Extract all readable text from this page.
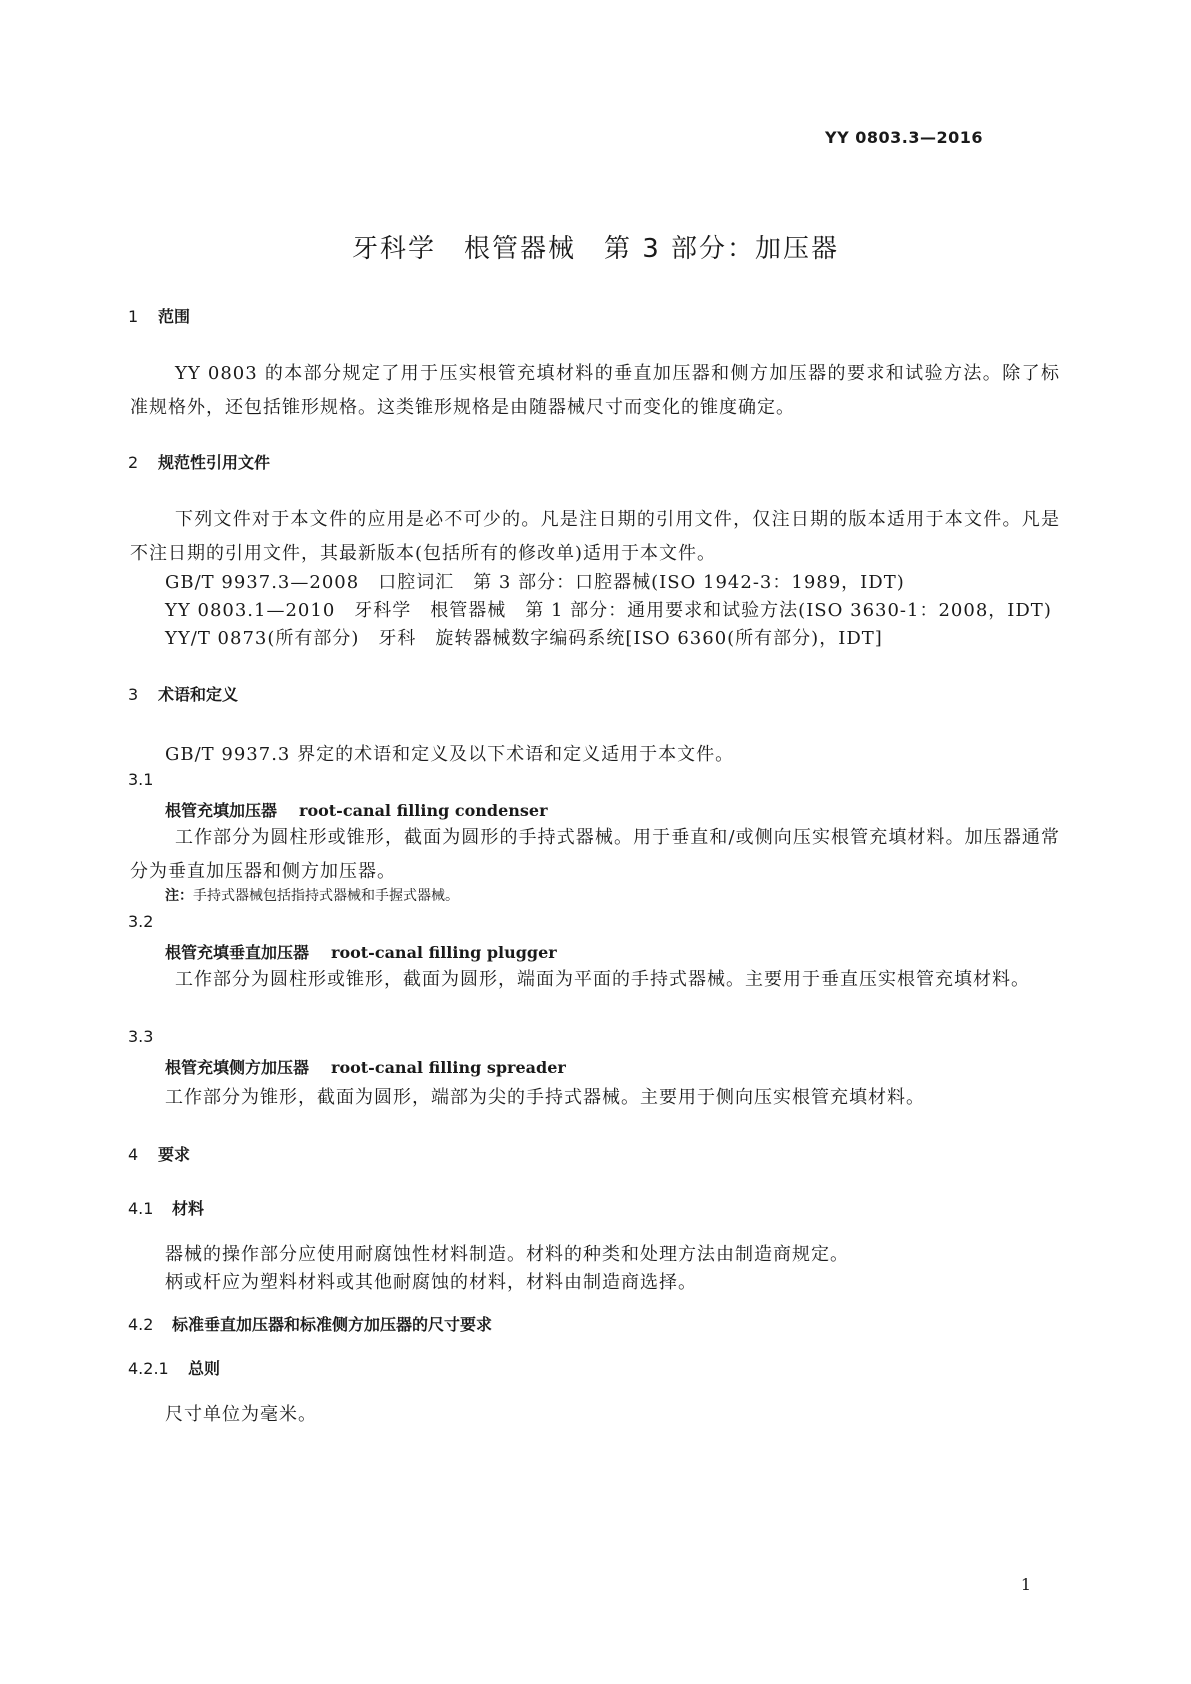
YY 0803.3—2016
牙科学　根管器械　第 3 部分：加压器
1 范围
YY 0803 的本部分规定了用于压实根管充填材料的垂直加压器和侧方加压器的要求和试验方法。除了标准规格外，还包括锥形规格。这类锥形规格是由随器械尺寸而变化的锥度确定。
2 规范性引用文件
下列文件对于本文件的应用是必不可少的。凡是注日期的引用文件，仅注日期的版本适用于本文件。凡是不注日期的引用文件，其最新版本(包括所有的修改单)适用于本文件。
GB/T 9937.3—2008　口腔词汇　第 3 部分：口腔器械(ISO 1942-3：1989，IDT)
YY 0803.1—2010　牙科学　根管器械　第 1 部分：通用要求和试验方法(ISO 3630-1：2008，IDT)
YY/T 0873(所有部分)　牙科　旋转器械数字编码系统[ISO 6360(所有部分)，IDT]
3 术语和定义
GB/T 9937.3 界定的术语和定义及以下术语和定义适用于本文件。
3.1
根管充填加压器 root-canal filling condenser
工作部分为圆柱形或锥形，截面为圆形的手持式器械。用于垂直和/或侧向压实根管充填材料。加压器通常分为垂直加压器和侧方加压器。
注：手持式器械包括指持式器械和手握式器械。
3.2
根管充填垂直加压器 root-canal filling plugger
工作部分为圆柱形或锥形，截面为圆形，端面为平面的手持式器械。主要用于垂直压实根管充填材料。
3.3
根管充填侧方加压器 root-canal filling spreader
工作部分为锥形，截面为圆形，端部为尖的手持式器械。主要用于侧向压实根管充填材料。
4 要求
4.1 材料
器械的操作部分应使用耐腐蚀性材料制造。材料的种类和处理方法由制造商规定。
柄或杆应为塑料材料或其他耐腐蚀的材料，材料由制造商选择。
4.2 标准垂直加压器和标准侧方加压器的尺寸要求
4.2.1 总则
尺寸单位为毫米。
1
